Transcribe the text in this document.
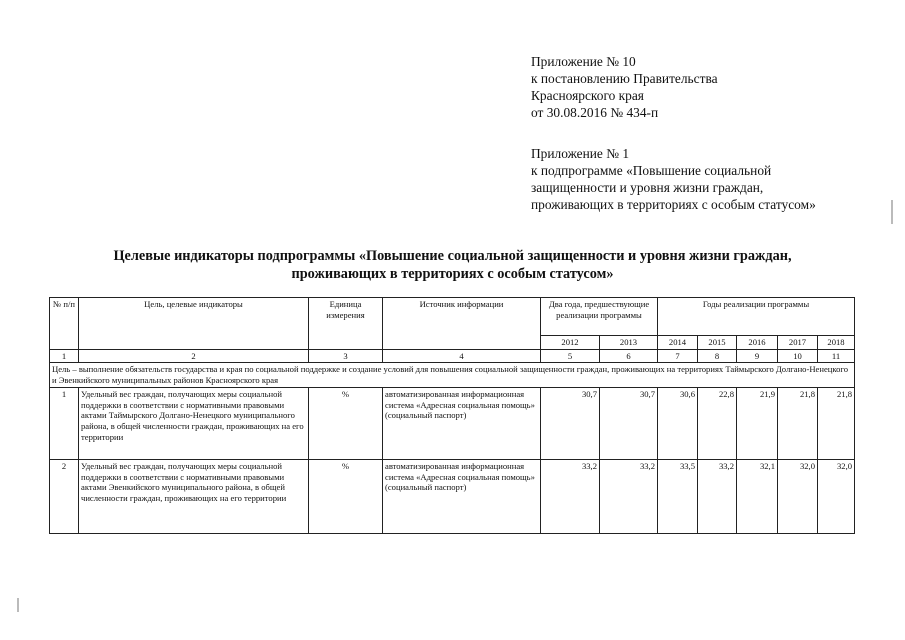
Приложение № 10
к постановлению Правительства
Красноярского края
от 30.08.2016 № 434-п
Приложение № 1
к подпрограмме «Повышение социальной
защищенности и уровня жизни граждан,
проживающих в территориях с особым статусом»
Целевые индикаторы подпрограммы «Повышение социальной защищенности и уровня жизни граждан,
проживающих в территориях с особым статусом»
№ п/п	Цель, целевые индикаторы	Единица измерения	Источник информации	Два года, предшествующие реализации программы		Годы реализации программы				
				2012	2013	2014	2015	2016	2017	2018
1	2	3	4	5	6	7	8	9	10	11
Цель – выполнение обязательств государства и края по социальной поддержке и создание условий для повышения социальной защищенности граждан, проживающих на территориях Таймырского Долгано-Ненецкого и Эвенкийского муниципальных районов Красноярского края										
1	Удельный вес граждан, получающих меры социальной поддержки в соответствии с нормативными правовыми актами Таймырского Долгано-Ненецкого муниципального района, в общей численности граждан, проживающих на его территории	%	автоматизированная информационная система «Адресная социальная помощь» (социальный паспорт)	30,7	30,7	30,6	22,8	21,9	21,8	21,8
2	Удельный вес граждан, получающих меры социальной поддержки в соответствии с нормативными правовыми актами Эвенкийского муниципального района, в общей численности граждан, проживающих на его территории	%	автоматизированная информационная система «Адресная социальная помощь» (социальный паспорт)	33,2	33,2	33,5	33,2	32,1	32,0	32,0
